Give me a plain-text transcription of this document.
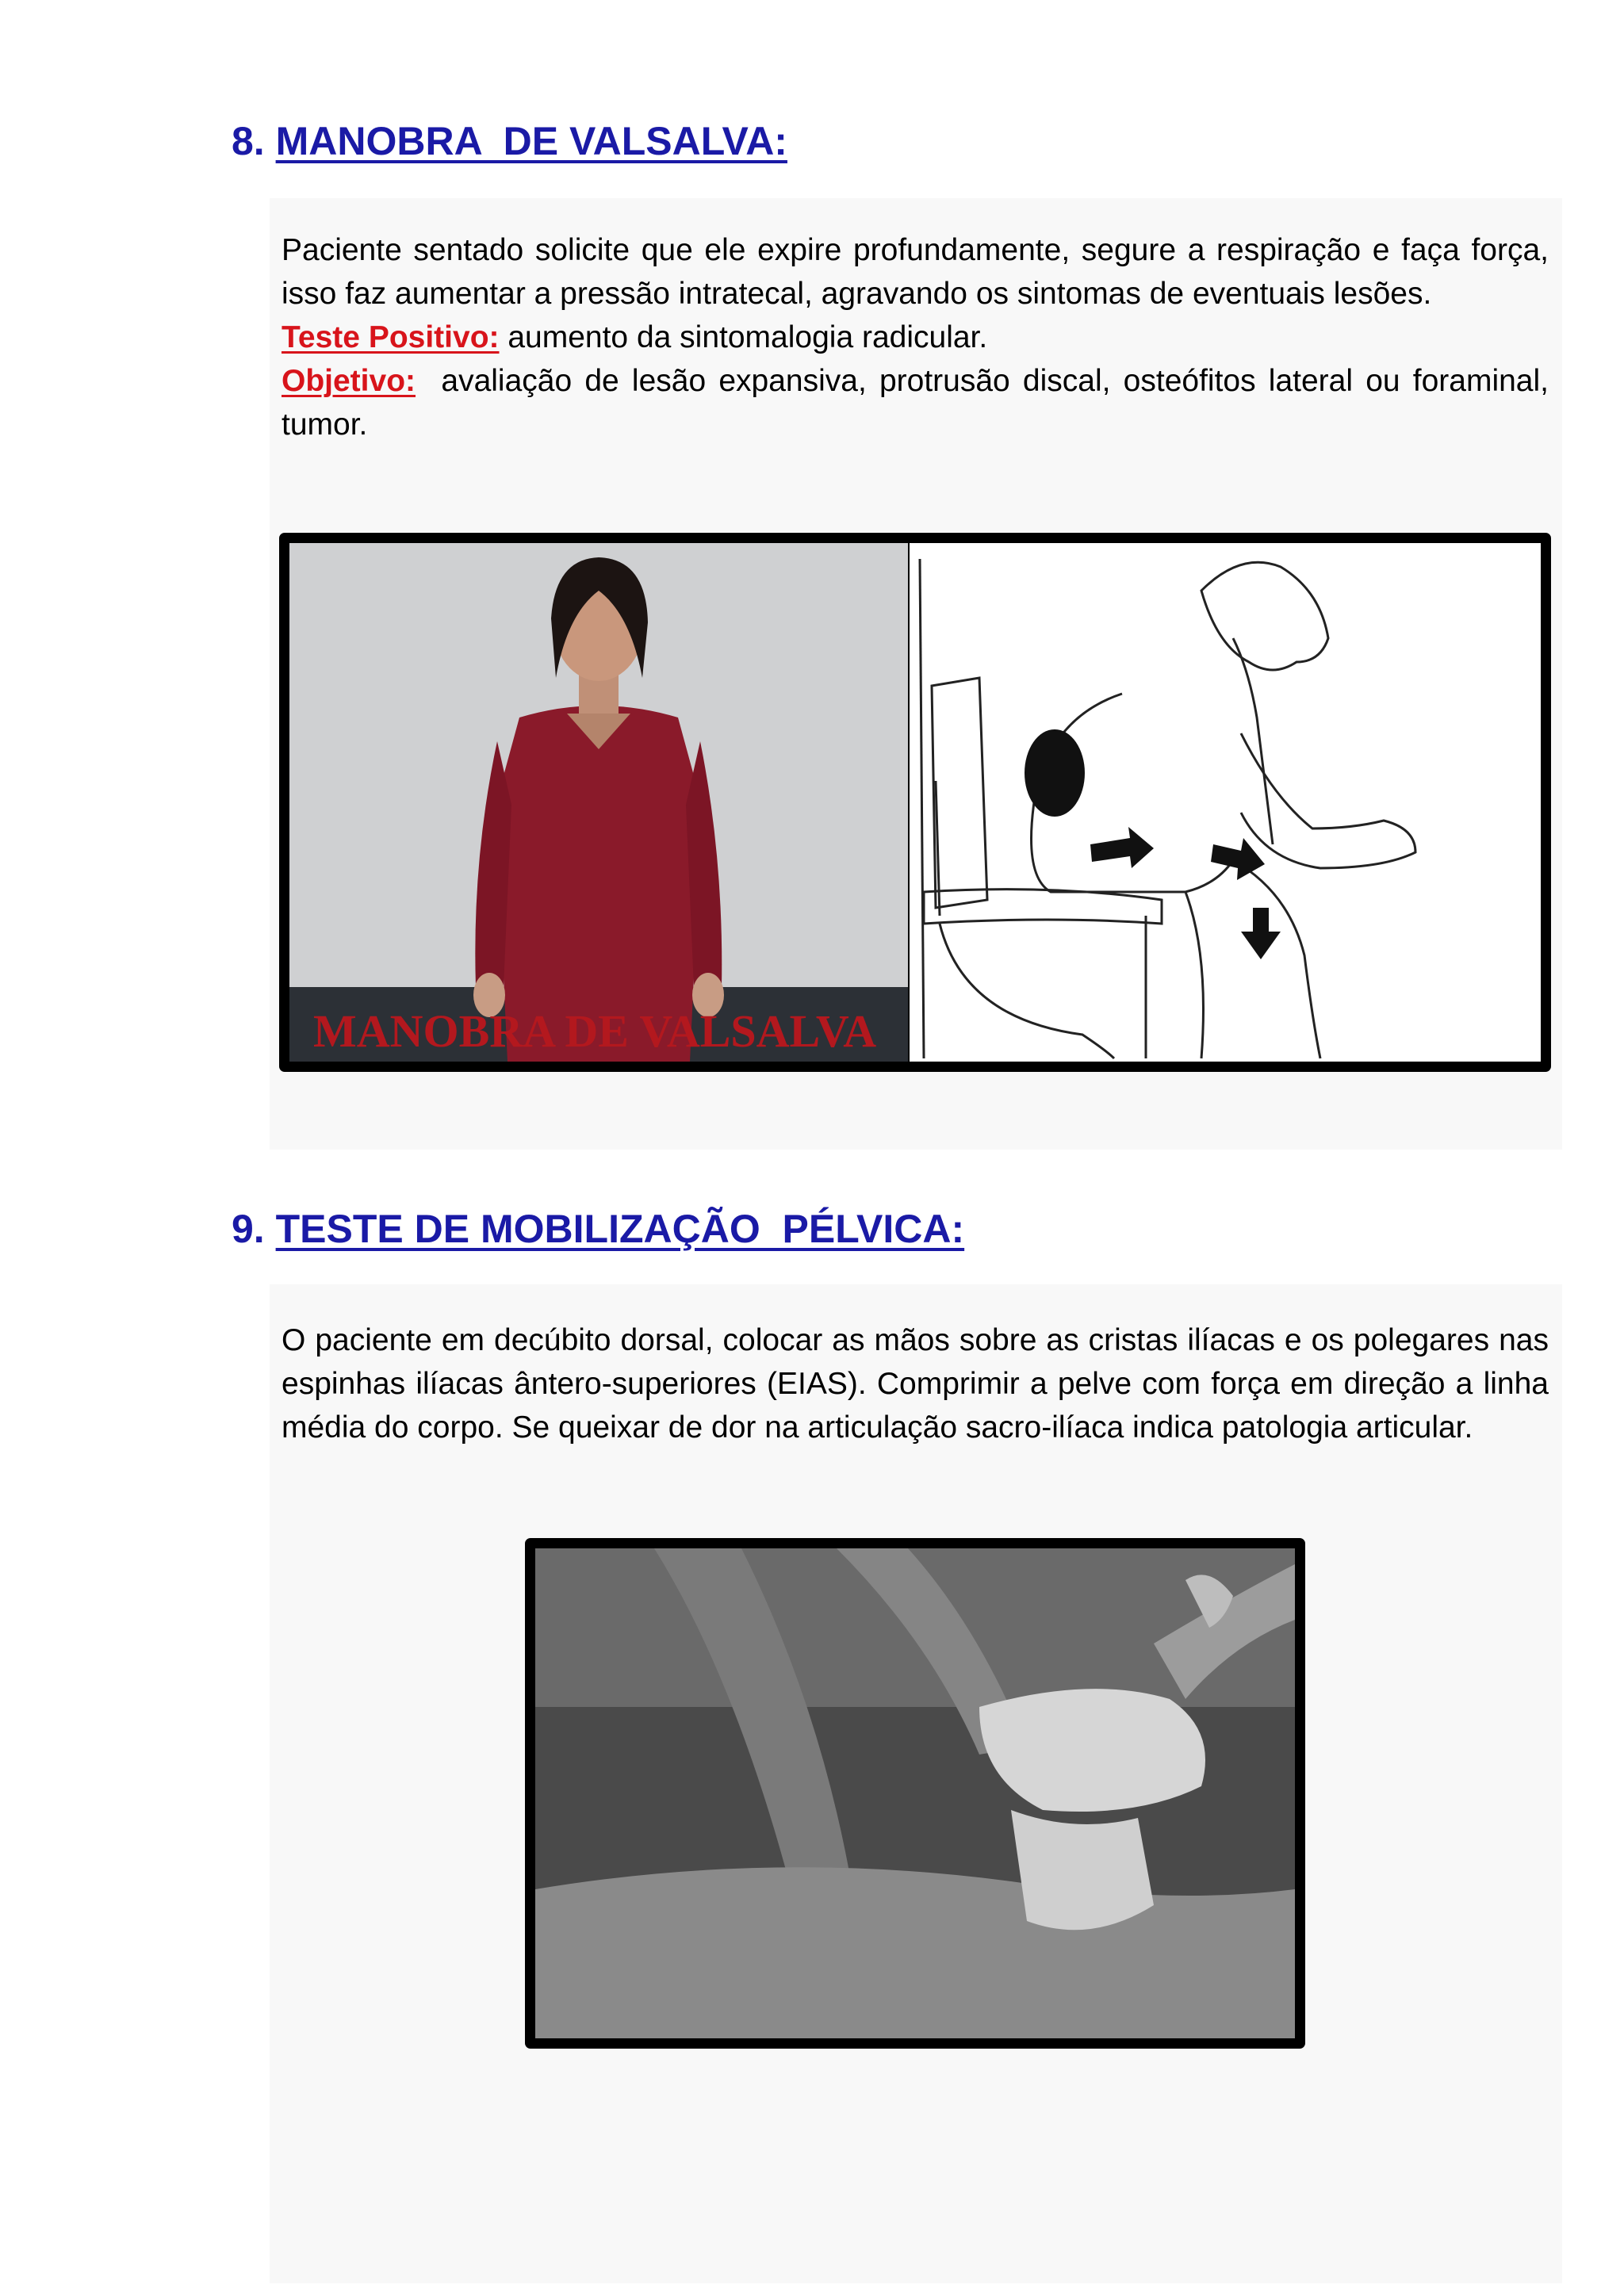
8. MANOBRA  DE VALSALVA:

Paciente sentado solicite que ele expire profundamente, segure a respiração e faça força, isso faz aumentar a pressão intratecal, agravando os sintomas de eventuais lesões.

Teste Positivo: aumento da sintomalogia radicular.

Objetivo:  avaliação de lesão expansiva, protrusão discal, osteófitos lateral ou foraminal, tumor.

MANOBRA DE VALSALVA
9. TESTE DE MOBILIZAÇÃO  PÉLVICA:

O paciente em decúbito dorsal, colocar as mãos sobre as cristas ilíacas e os polegares nas espinhas ilíacas ântero-superiores (EIAS). Comprimir a pelve com força em direção a linha média do corpo. Se queixar de dor na articulação sacro-ilíaca indica patologia articular.
